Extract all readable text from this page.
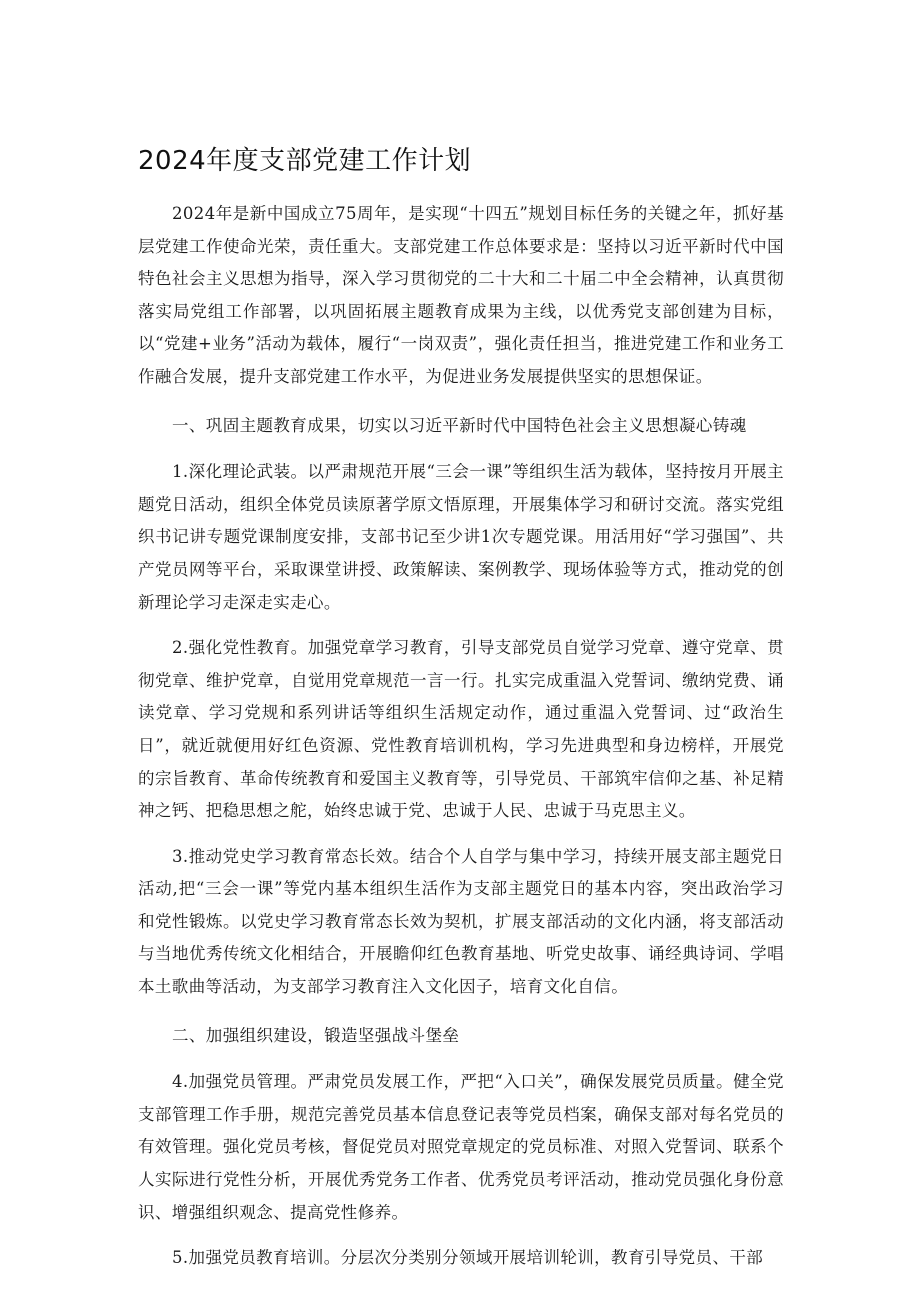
2024年度支部党建工作计划

2024年是新中国成立75周年，是实现“十四五”规划目标任务的关键之年，抓好基层党建工作使命光荣，责任重大。支部党建工作总体要求是：坚持以习近平新时代中国特色社会主义思想为指导，深入学习贯彻党的二十大和二十届二中全会精神，认真贯彻落实局党组工作部署，以巩固拓展主题教育成果为主线，以优秀党支部创建为目标，以“党建+业务”活动为载体，履行“一岗双责”，强化责任担当，推进党建工作和业务工作融合发展，提升支部党建工作水平，为促进业务发展提供坚实的思想保证。

一、巩固主题教育成果，切实以习近平新时代中国特色社会主义思想凝心铸魂

1.深化理论武装。以严肃规范开展“三会一课”等组织生活为载体，坚持按月开展主题党日活动，组织全体党员读原著学原文悟原理，开展集体学习和研讨交流。落实党组织书记讲专题党课制度安排，支部书记至少讲1次专题党课。用活用好“学习强国”、共产党员网等平台，采取课堂讲授、政策解读、案例教学、现场体验等方式，推动党的创新理论学习走深走实走心。

2.强化党性教育。加强党章学习教育，引导支部党员自觉学习党章、遵守党章、贯彻党章、维护党章，自觉用党章规范一言一行。扎实完成重温入党誓词、缴纳党费、诵读党章、学习党规和系列讲话等组织生活规定动作，通过重温入党誓词、过“政治生日”，就近就便用好红色资源、党性教育培训机构，学习先进典型和身边榜样，开展党的宗旨教育、革命传统教育和爱国主义教育等，引导党员、干部筑牢信仰之基、补足精神之钙、把稳思想之舵，始终忠诚于党、忠诚于人民、忠诚于马克思主义。

3.推动党史学习教育常态长效。结合个人自学与集中学习，持续开展支部主题党日活动,把“三会一课”等党内基本组织生活作为支部主题党日的基本内容，突出政治学习和党性锻炼。以党史学习教育常态长效为契机，扩展支部活动的文化内涵，将支部活动与当地优秀传统文化相结合，开展瞻仰红色教育基地、听党史故事、诵经典诗词、学唱本土歌曲等活动，为支部学习教育注入文化因子，培育文化自信。

二、加强组织建设，锻造坚强战斗堡垒

4.加强党员管理。严肃党员发展工作，严把“入口关”，确保发展党员质量。健全党支部管理工作手册，规范完善党员基本信息登记表等党员档案，确保支部对每名党员的有效管理。强化党员考核，督促党员对照党章规定的党员标准、对照入党誓词、联系个人实际进行党性分析，开展优秀党务工作者、优秀党员考评活动，推动党员强化身份意识、增强组织观念、提高党性修养。

5.加强党员教育培训。分层次分类别分领域开展培训轮训，教育引导党员、干部
